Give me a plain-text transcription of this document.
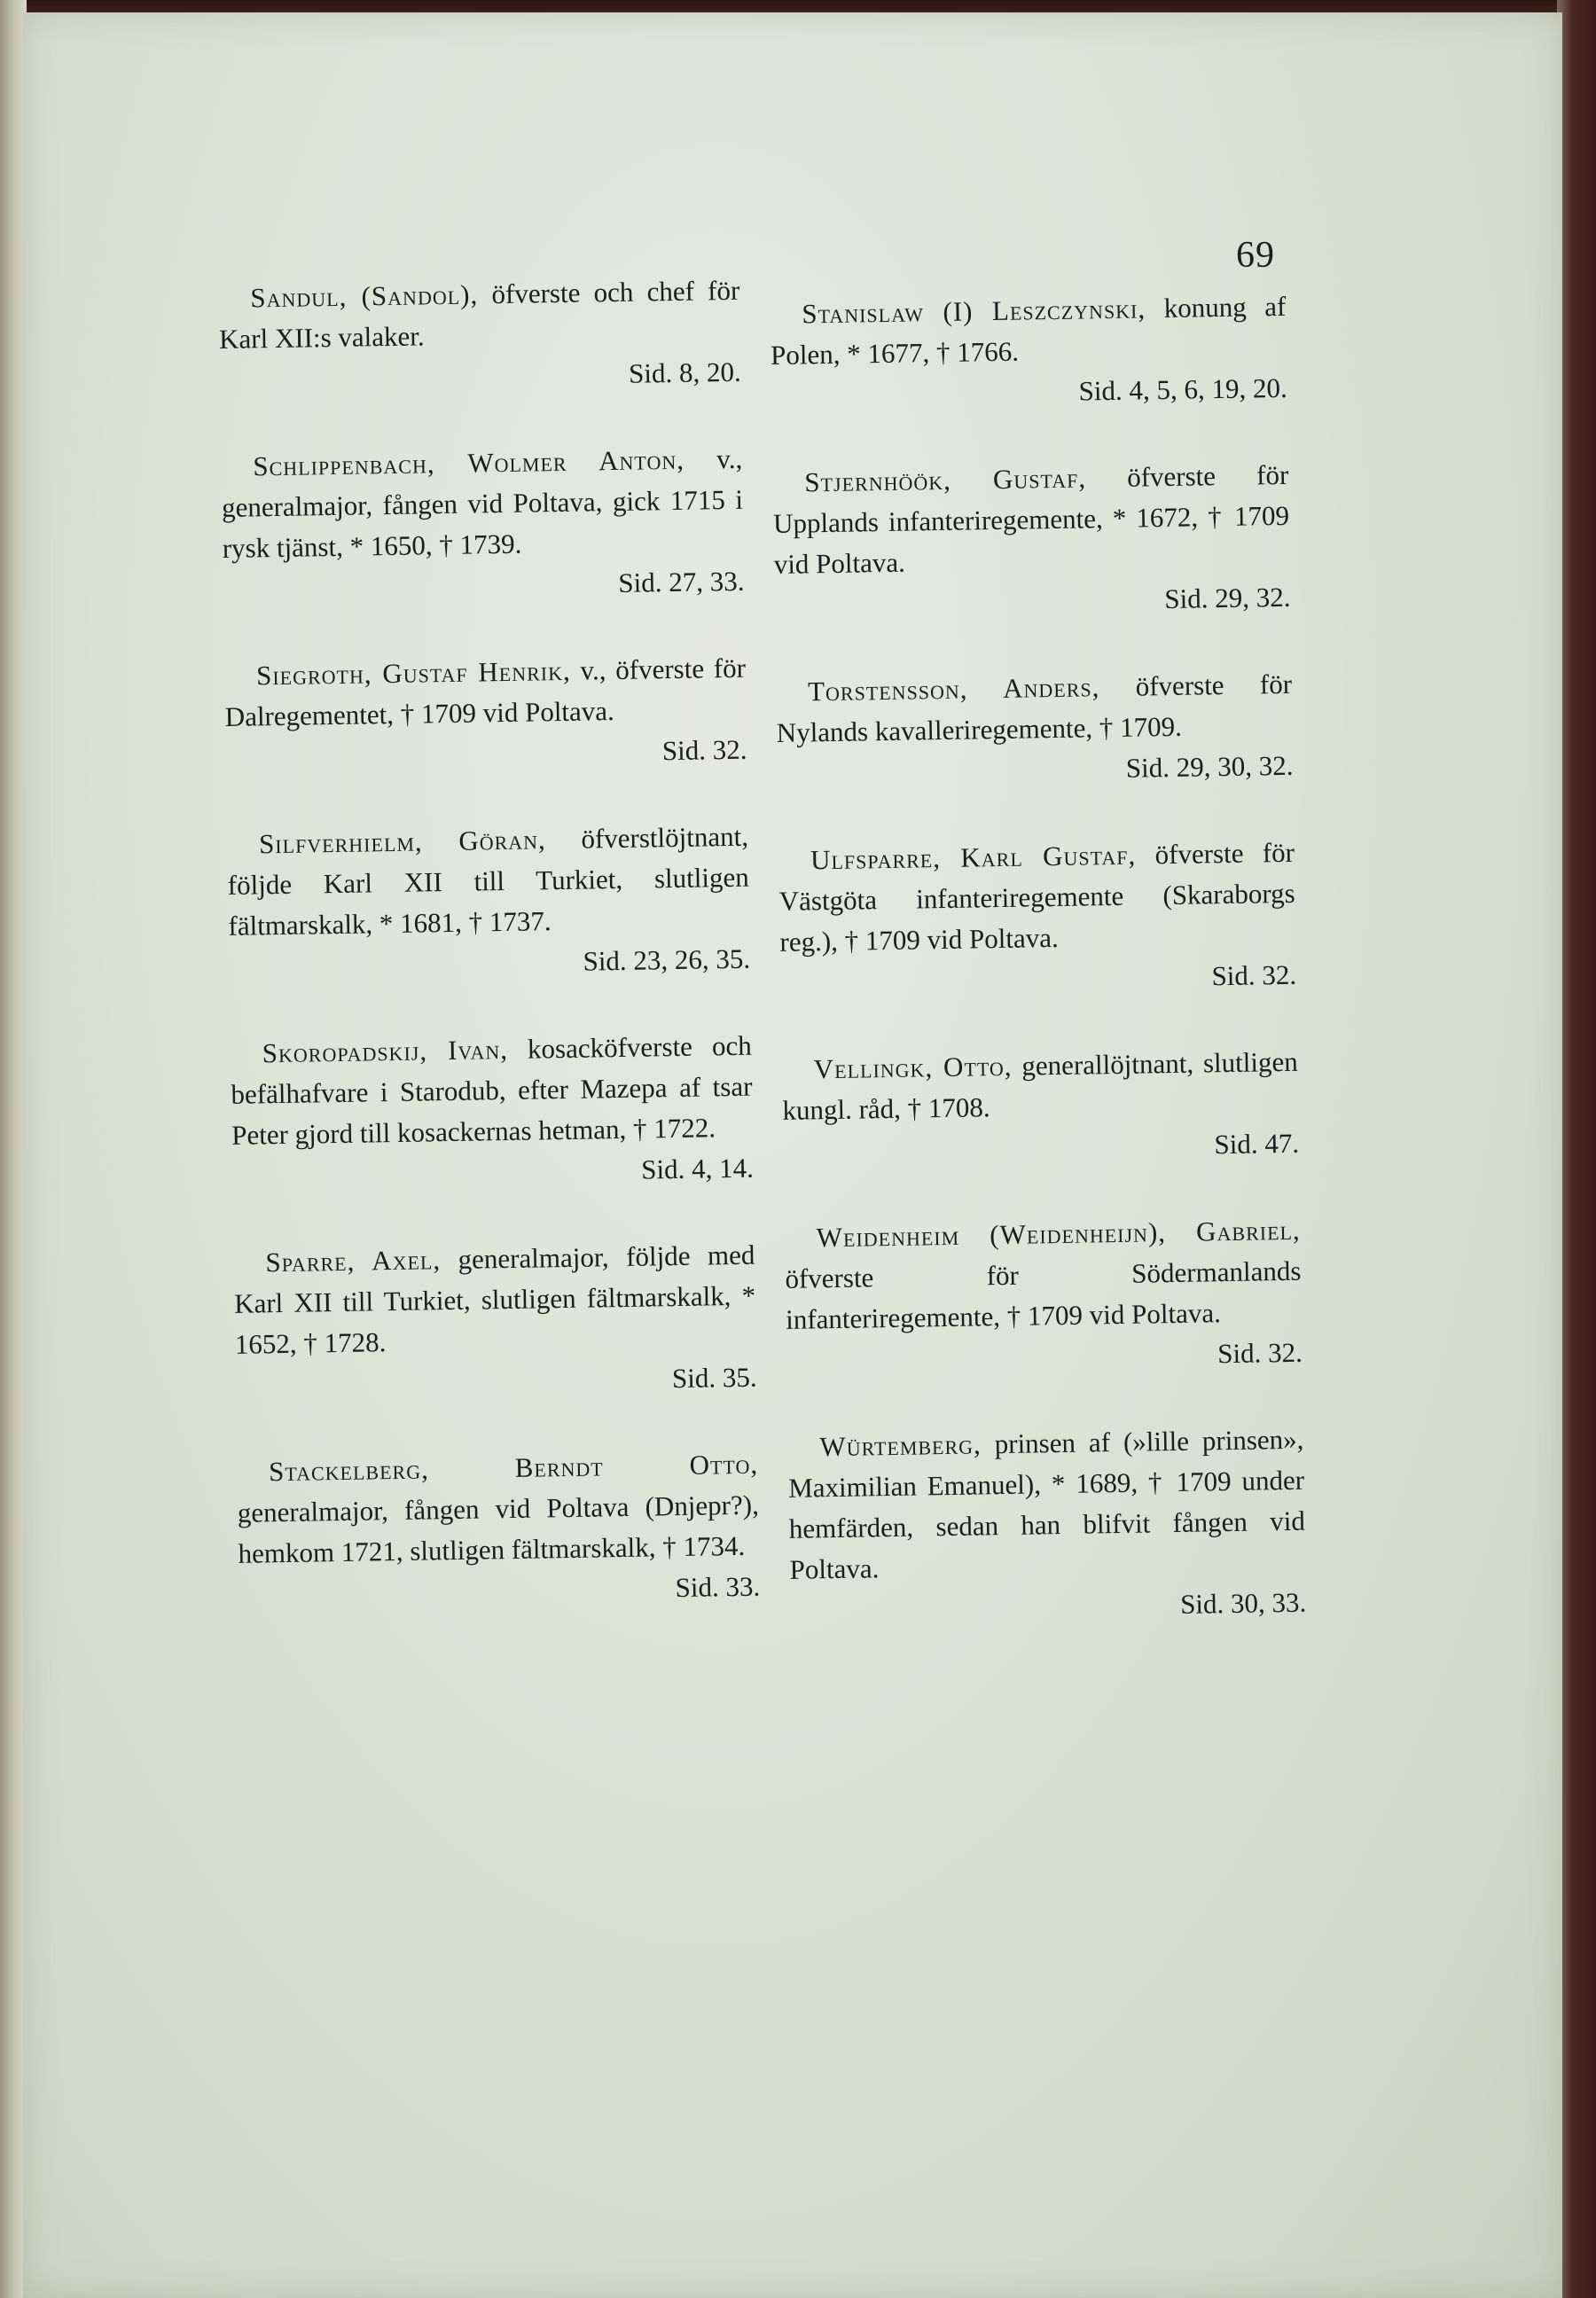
69
Sandul, (Sandol), öfverste och chef för Karl XII:s valaker.
Sid. 8, 20.
Schlippenbach, Wolmer Anton, v., generalmajor, fången vid Poltava, gick 1715 i rysk tjänst, * 1650, † 1739.
Sid. 27, 33.
Siegroth, Gustaf Henrik, v., öfverste för Dalregementet, † 1709 vid Poltava.
Sid. 32.
Silfverhielm, Göran, öfverstlöjtnant, följde Karl XII till Turkiet, slutligen fältmarskalk, * 1681, † 1737.
Sid. 23, 26, 35.
Skoropadskij, Ivan, kosacköfverste och befälhafvare i Starodub, efter Mazepa af tsar Peter gjord till kosackernas hetman, † 1722.
Sid. 4, 14.
Sparre, Axel, generalmajor, följde med Karl XII till Turkiet, slutligen fältmarskalk, * 1652, † 1728.
Sid. 35.
Stackelberg, Berndt Otto, generalmajor, fången vid Poltava (Dnjepr?), hemkom 1721, slutligen fältmarskalk, † 1734.
Sid. 33.
Stanislaw (I) Leszczynski, konung af Polen, * 1677, † 1766.
Sid. 4, 5, 6, 19, 20.
Stjernhöök, Gustaf, öfverste för Upplands infanteriregemente, * 1672, † 1709 vid Poltava.
Sid. 29, 32.
Torstensson, Anders, öfverste för Nylands kavalleriregemente, † 1709.
Sid. 29, 30, 32.
Ulfsparre, Karl Gustaf, öfverste för Västgöta infanteriregemente (Skaraborgs reg.), † 1709 vid Poltava.
Sid. 32.
Vellingk, Otto, generallöjtnant, slutligen kungl. råd, † 1708.
Sid. 47.
Weidenheim (Weidenheijn), Gabriel, öfverste för Södermanlands infanteriregemente, † 1709 vid Poltava.
Sid. 32.
Würtemberg, prinsen af (»lille prinsen», Maximilian Emanuel), * 1689, † 1709 under hemfärden, sedan han blifvit fången vid Poltava.
Sid. 30, 33.
